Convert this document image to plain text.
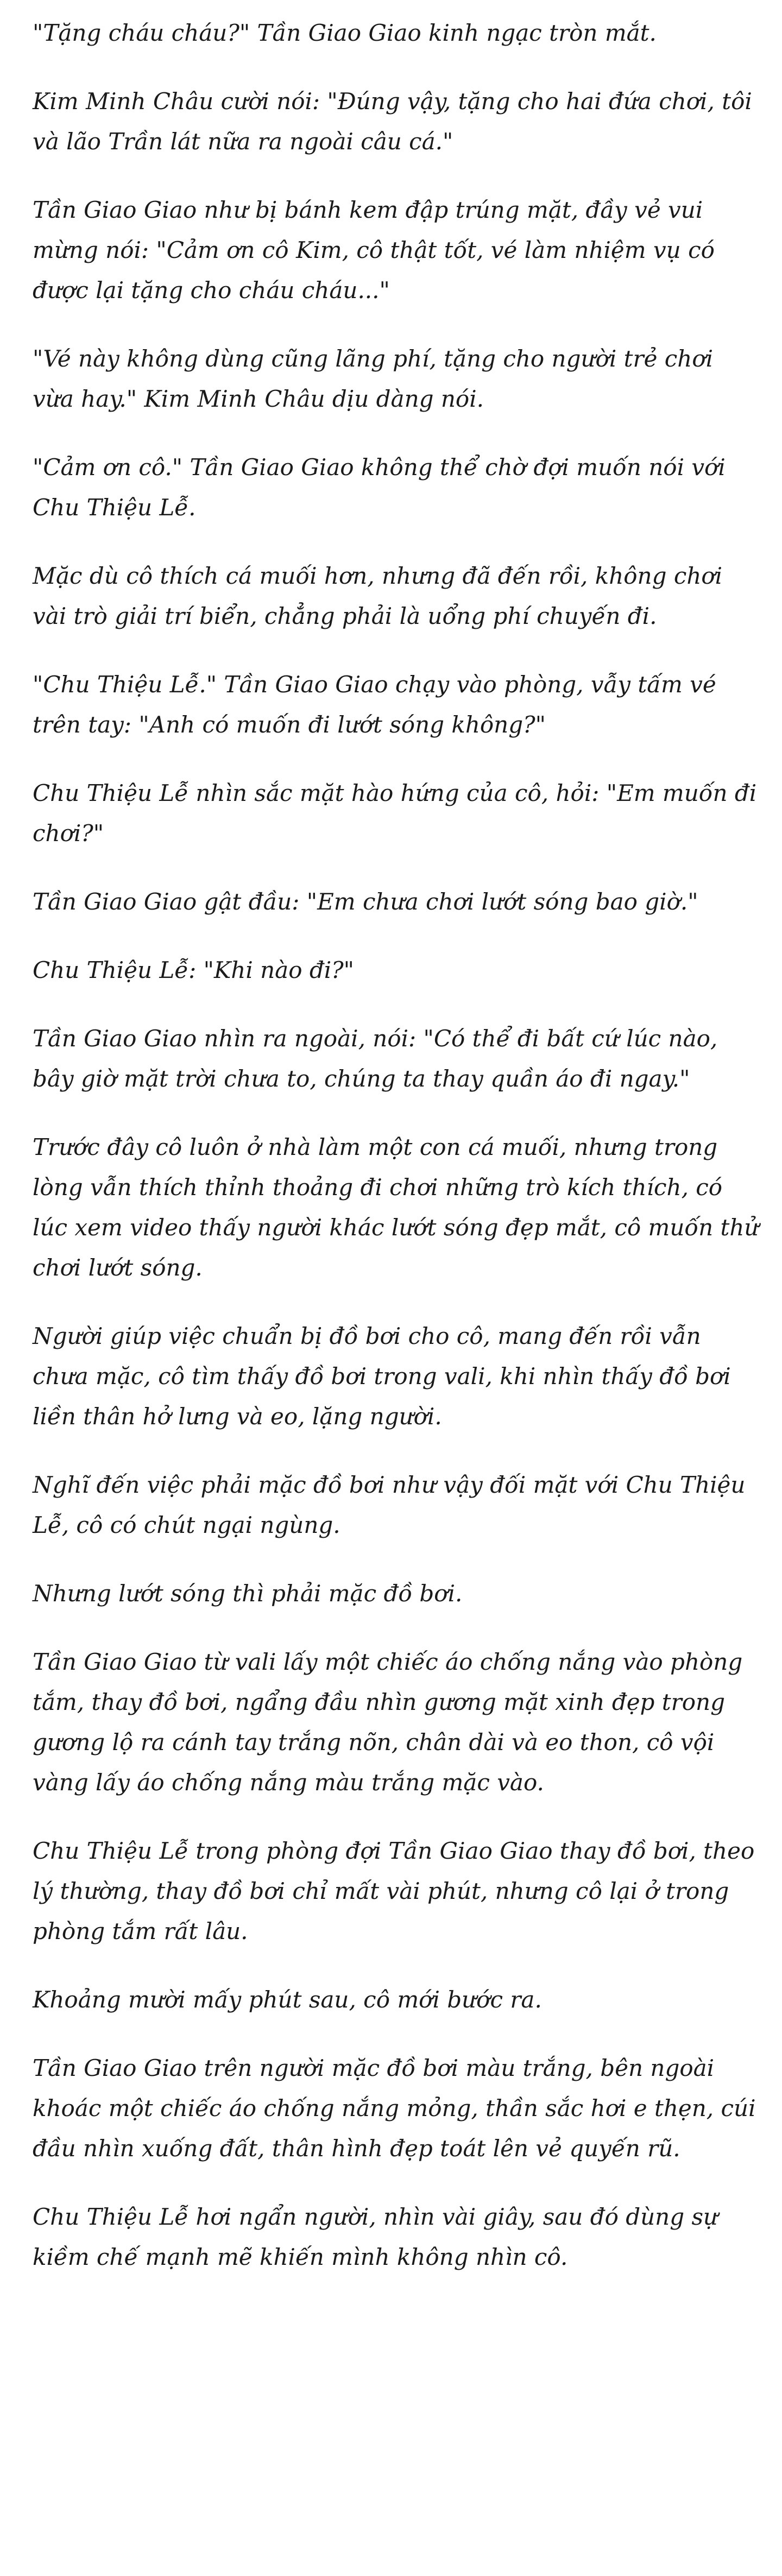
"Tặng cháu cháu?" Tần Giao Giao kinh ngạc tròn mắt.

Kim Minh Châu cười nói: "Đúng vậy, tặng cho hai đứa chơi, tôi và lão Trần lát nữa ra ngoài câu cá."

Tần Giao Giao như bị bánh kem đập trúng mặt, đầy vẻ vui mừng nói: "Cảm ơn cô Kim, cô thật tốt, vé làm nhiệm vụ có được lại tặng cho cháu cháu..."

"Vé này không dùng cũng lãng phí, tặng cho người trẻ chơi vừa hay." Kim Minh Châu dịu dàng nói.

"Cảm ơn cô." Tần Giao Giao không thể chờ đợi muốn nói với Chu Thiệu Lễ.

Mặc dù cô thích cá muối hơn, nhưng đã đến rồi, không chơi vài trò giải trí biển, chẳng phải là uổng phí chuyến đi.

"Chu Thiệu Lễ." Tần Giao Giao chạy vào phòng, vẫy tấm vé trên tay: "Anh có muốn đi lướt sóng không?"

Chu Thiệu Lễ nhìn sắc mặt hào hứng của cô, hỏi: "Em muốn đi chơi?"

Tần Giao Giao gật đầu: "Em chưa chơi lướt sóng bao giờ."

Chu Thiệu Lễ: "Khi nào đi?"

Tần Giao Giao nhìn ra ngoài, nói: "Có thể đi bất cứ lúc nào, bây giờ mặt trời chưa to, chúng ta thay quần áo đi ngay."

Trước đây cô luôn ở nhà làm một con cá muối, nhưng trong lòng vẫn thích thỉnh thoảng đi chơi những trò kích thích, có lúc xem video thấy người khác lướt sóng đẹp mắt, cô muốn thử chơi lướt sóng.

Người giúp việc chuẩn bị đồ bơi cho cô, mang đến rồi vẫn chưa mặc, cô tìm thấy đồ bơi trong vali, khi nhìn thấy đồ bơi liền thân hở lưng và eo, lặng người.

Nghĩ đến việc phải mặc đồ bơi như vậy đối mặt với Chu Thiệu Lễ, cô có chút ngại ngùng.

Nhưng lướt sóng thì phải mặc đồ bơi.

Tần Giao Giao từ vali lấy một chiếc áo chống nắng vào phòng tắm, thay đồ bơi, ngẩng đầu nhìn gương mặt xinh đẹp trong gương lộ ra cánh tay trắng nõn, chân dài và eo thon, cô vội vàng lấy áo chống nắng màu trắng mặc vào.

Chu Thiệu Lễ trong phòng đợi Tần Giao Giao thay đồ bơi, theo lý thường, thay đồ bơi chỉ mất vài phút, nhưng cô lại ở trong phòng tắm rất lâu.

Khoảng mười mấy phút sau, cô mới bước ra.

Tần Giao Giao trên người mặc đồ bơi màu trắng, bên ngoài khoác một chiếc áo chống nắng mỏng, thần sắc hơi e thẹn, cúi đầu nhìn xuống đất, thân hình đẹp toát lên vẻ quyến rũ.

Chu Thiệu Lễ hơi ngẩn người, nhìn vài giây, sau đó dùng sự kiềm chế mạnh mẽ khiến mình không nhìn cô.
